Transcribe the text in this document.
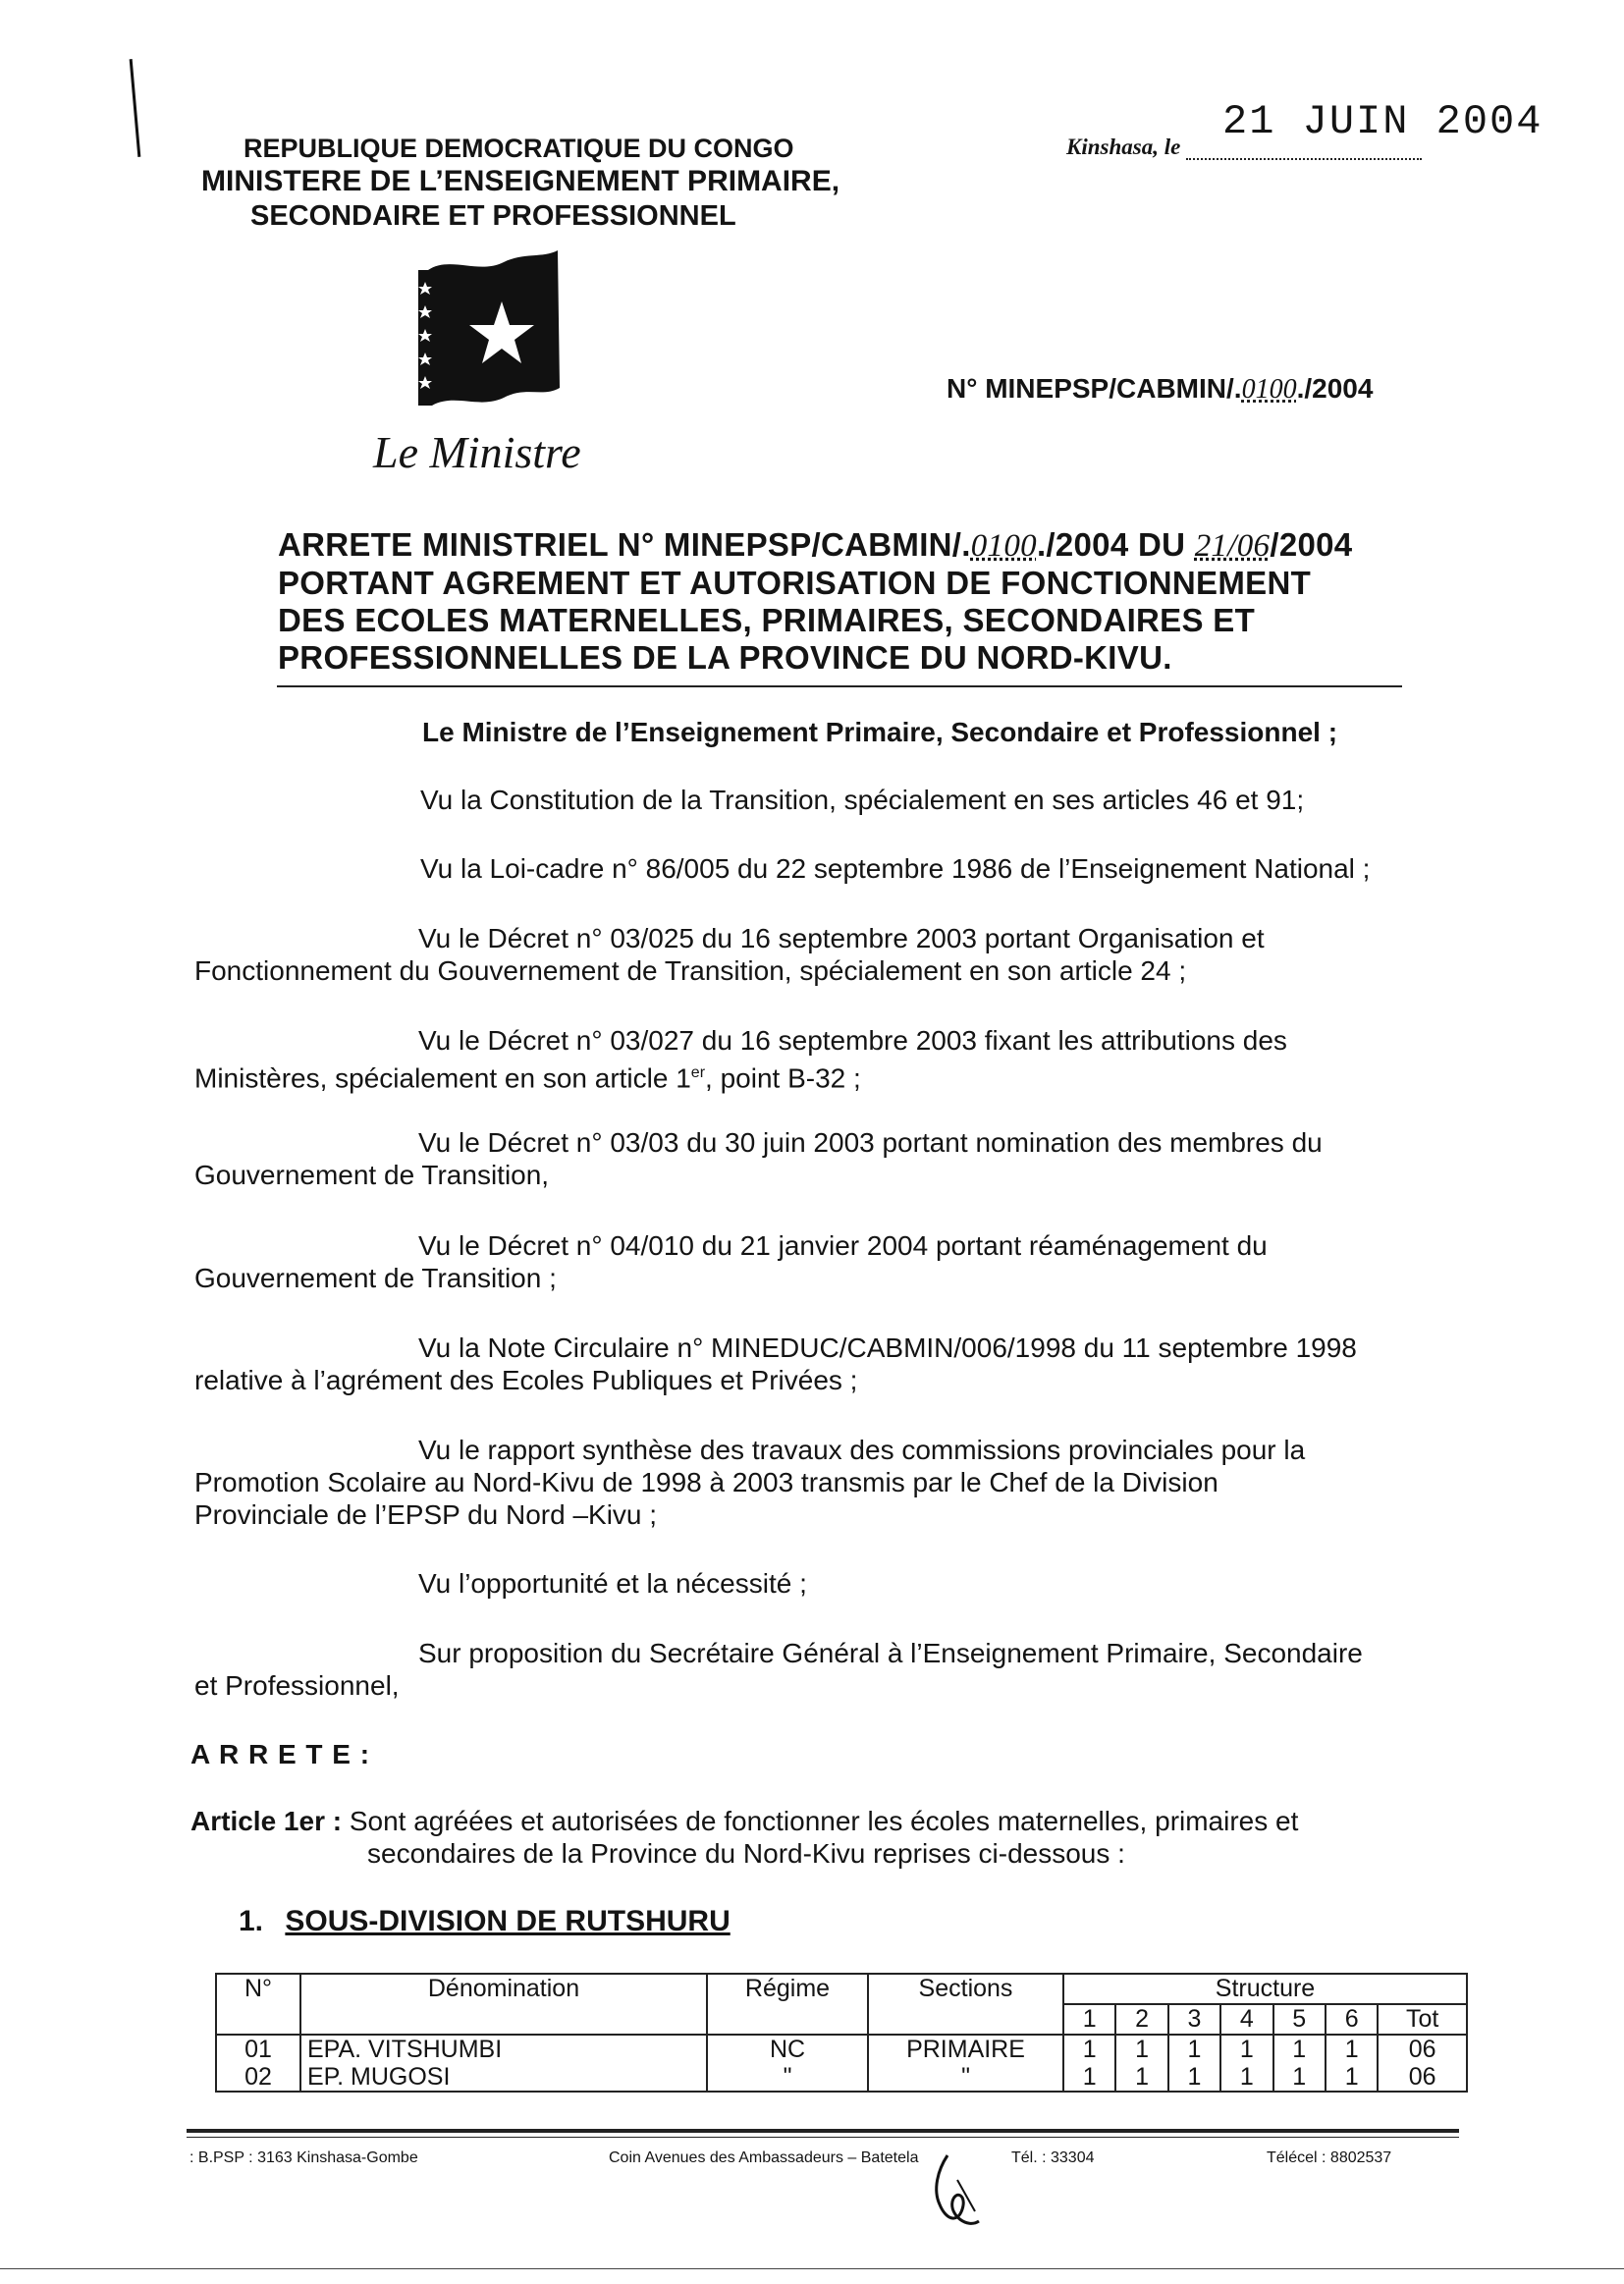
REPUBLIQUE DEMOCRATIQUE DU CONGO
MINISTERE DE L’ENSEIGNEMENT PRIMAIRE,
SECONDAIRE ET PROFESSIONNEL
21 JUIN 2004
Kinshasa, le
N° MINEPSP/CABMIN/.0100./2004
Le Ministre
ARRETE MINISTRIEL N° MINEPSP/CABMIN/.0100./2004 DU 21/06/2004
PORTANT AGREMENT ET AUTORISATION DE FONCTIONNEMENT
DES ECOLES MATERNELLES, PRIMAIRES, SECONDAIRES ET
PROFESSIONNELLES DE LA PROVINCE DU NORD-KIVU.
Le Ministre de l’Enseignement Primaire, Secondaire et Professionnel ;
Vu la Constitution de la Transition, spécialement en ses articles 46 et 91;
Vu la Loi-cadre n° 86/005 du 22 septembre 1986 de l’Enseignement National ;
Vu le Décret n° 03/025 du 16 septembre 2003 portant Organisation et
Fonctionnement du Gouvernement de Transition, spécialement en son article 24 ;
Vu le Décret n° 03/027 du 16 septembre 2003 fixant les attributions des
Ministères, spécialement en son article 1er, point B-32 ;
Vu le Décret n° 03/03 du 30 juin 2003 portant nomination des membres du
Gouvernement de Transition,
Vu le Décret n° 04/010 du 21 janvier 2004 portant réaménagement du
Gouvernement de Transition ;
Vu la Note Circulaire n° MINEDUC/CABMIN/006/1998 du 11 septembre 1998
relative à l’agrément des Ecoles Publiques et Privées ;
Vu le rapport synthèse des travaux des commissions provinciales pour la
Promotion Scolaire au Nord-Kivu de 1998 à 2003 transmis par le Chef de la Division
Provinciale de l’EPSP du Nord –Kivu ;
Vu l’opportunité et la nécessité ;
Sur proposition du Secrétaire Général à l’Enseignement Primaire, Secondaire
et Professionnel,
A R R E T E :
Article 1er : Sont agréées et autorisées de fonctionner les écoles maternelles, primaires et
secondaires de la Province du Nord-Kivu reprises ci-dessous :
1. SOUS-DIVISION DE RUTSHURU
N°	Dénomination	Régime	Sections	Structure						
				1	2	3	4	5	6	Tot
01	EPA. VITSHUMBI	NC	PRIMAIRE	1	1	1	1	1	1	06
02	EP. MUGOSI	"	"	1	1	1	1	1	1	06
: B.PSP : 3163 Kinshasa-Gombe	Coin Avenues des Ambassadeurs – Batetela	Tél. : 33304	Télécel : 8802537
